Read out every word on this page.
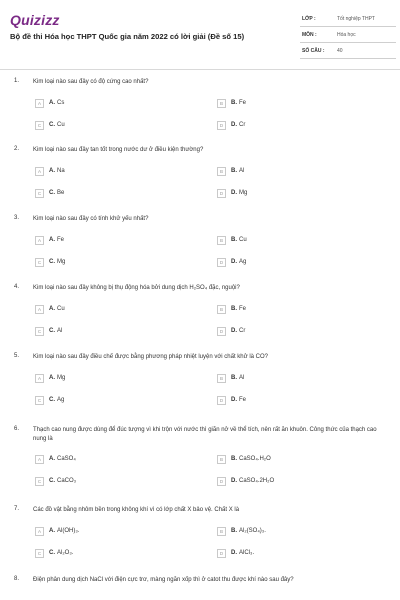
Quizizz
Bộ đề thi Hóa học THPT Quốc gia năm 2022 có lời giải (Đề số 15)
LỚP :	Tốt nghiệp THPT
MÔN :	Hóa học
SỐ CÂU :	40
1. Kim loại nào sau đây có độ cứng cao nhất?
A	A. Cs	B	B. Fe
C	C. Cu	D	D. Cr
2. Kim loại nào sau đây tan tốt trong nước dư ở điều kiện thường?
A	A. Na	B	B. Al
C	C. Be	D	D. Mg
3. Kim loại nào sau đây có tính khử yếu nhất?
A	A. Fe	B	B. Cu
C	C. Mg	D	D. Ag
4. Kim loại nào sau đây không bị thụ động hóa bởi dung dịch H₂SO₄ đặc, nguội?
A	A. Cu	B	B. Fe
C	C. Al	D	D. Cr
5. Kim loại nào sau đây điều chế được bằng phương pháp nhiệt luyện với chất khử là CO?
A	A. Mg	B	B. Al
C	C. Ag	D	D. Fe
6. Thạch cao nung được dùng để đúc tượng vì khi trộn với nước thì giãn nở về thể tích, nên rất ăn khuôn. Công thức của thạch cao nung là
A	A. CaSO₄	B	B. CaSO₄.H₂O
C	C. CaCO₃	D	D. CaSO₄.2H₂O
7. Các đồ vật bằng nhôm bền trong không khí vì có lớp chất X bảo vệ. Chất X là
A	A. Al(OH)₃.	B	B. Al₂(SO₄)₃.
C	C. Al₂O₃.	D	D. AlCl₃.
8. Điện phân dung dịch NaCl với điện cực trơ, màng ngăn xốp thì ở catot thu được khí nào sau đây?
